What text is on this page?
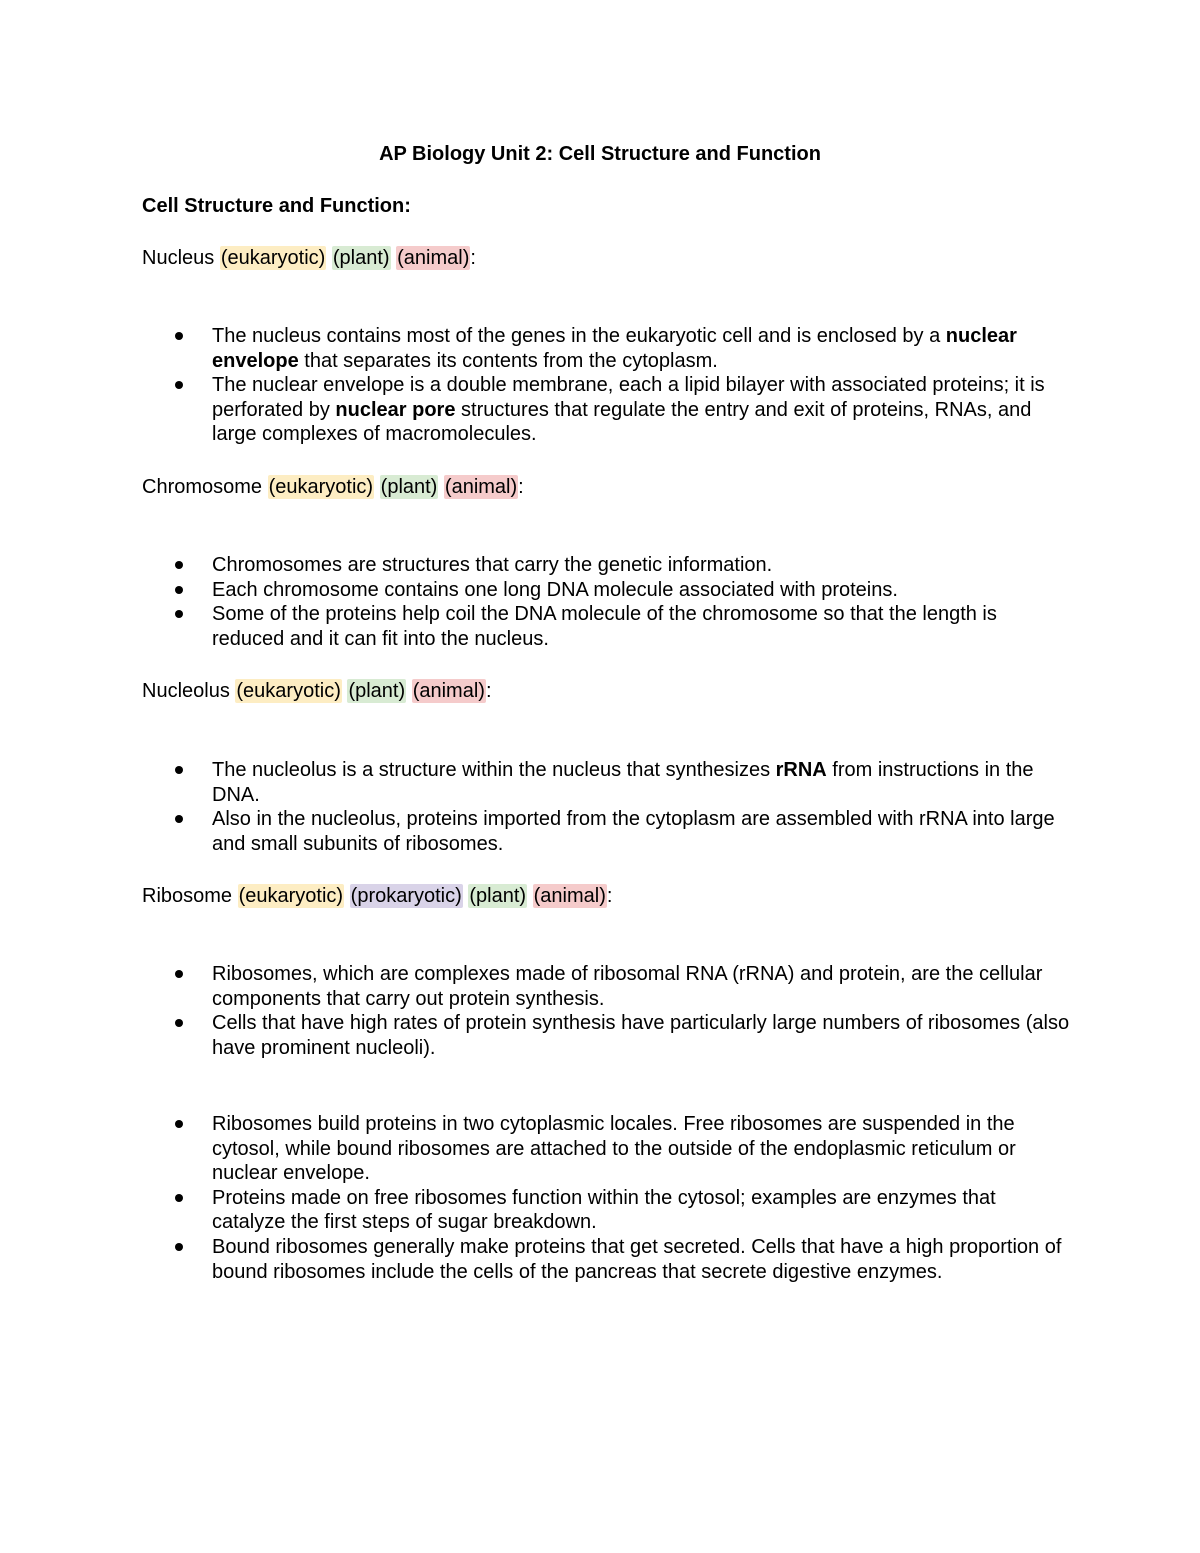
AP Biology Unit 2: Cell Structure and Function
Cell Structure and Function:
Nucleus (eukaryotic) (plant) (animal):
The nucleus contains most of the genes in the eukaryotic cell and is enclosed by a nuclear envelope that separates its contents from the cytoplasm.
The nuclear envelope is a double membrane, each a lipid bilayer with associated proteins; it is perforated by nuclear pore structures that regulate the entry and exit of proteins, RNAs, and large complexes of macromolecules.
Chromosome (eukaryotic) (plant) (animal):
Chromosomes are structures that carry the genetic information.
Each chromosome contains one long DNA molecule associated with proteins.
Some of the proteins help coil the DNA molecule of the chromosome so that the length is reduced and it can fit into the nucleus.
Nucleolus (eukaryotic) (plant) (animal):
The nucleolus is a structure within the nucleus that synthesizes rRNA from instructions in the DNA.
Also in the nucleolus, proteins imported from the cytoplasm are assembled with rRNA into large and small subunits of ribosomes.
Ribosome (eukaryotic) (prokaryotic) (plant) (animal):
Ribosomes, which are complexes made of ribosomal RNA (rRNA) and protein, are the cellular components that carry out protein synthesis.
Cells that have high rates of protein synthesis have particularly large numbers of ribosomes (also have prominent nucleoli).
Ribosomes build proteins in two cytoplasmic locales. Free ribosomes are suspended in the cytosol, while bound ribosomes are attached to the outside of the endoplasmic reticulum or nuclear envelope.
Proteins made on free ribosomes function within the cytosol; examples are enzymes that catalyze the first steps of sugar breakdown.
Bound ribosomes generally make proteins that get secreted. Cells that have a high proportion of bound ribosomes include the cells of the pancreas that secrete digestive enzymes.
